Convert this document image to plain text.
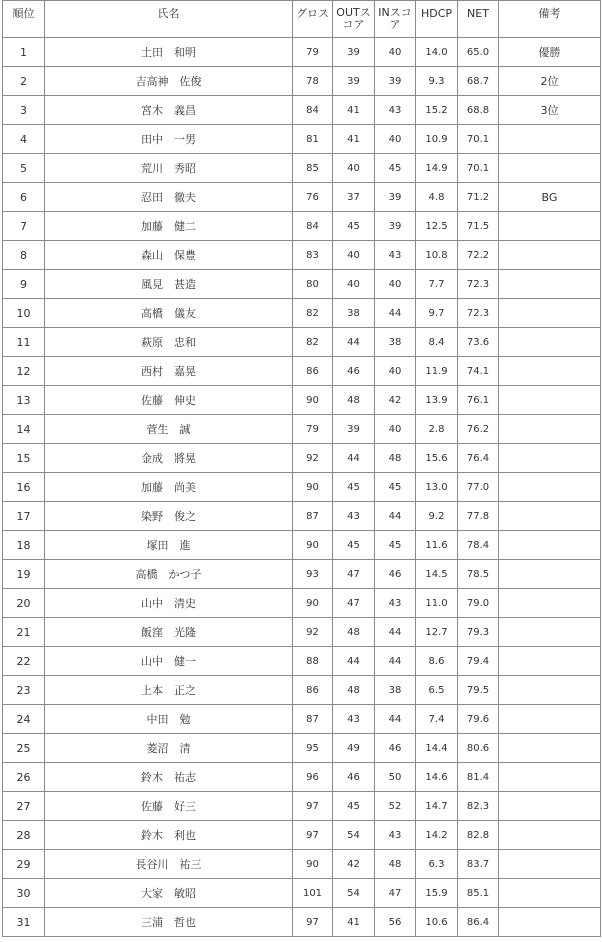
順位	氏名	グロス	OUTスコア	INスコア	HDCP	NET	備考
1	土田　和明	79	39	40	14.0	65.0	優勝
2	吉高神　佐俊	78	39	39	9.3	68.7	2位
3	宮木　義昌	84	41	43	15.2	68.8	3位
4	田中　一男	81	41	40	10.9	70.1	
5	荒川　秀昭	85	40	45	14.9	70.1	
6	忍田　徹夫	76	37	39	4.8	71.2	BG
7	加藤　健二	84	45	39	12.5	71.5	
8	森山　保豊	83	40	43	10.8	72.2	
9	風見　甚造	80	40	40	7.7	72.3	
10	高橋　儀友	82	38	44	9.7	72.3	
11	萩原　忠和	82	44	38	8.4	73.6	
12	西村　嘉晃	86	46	40	11.9	74.1	
13	佐藤　伸史	90	48	42	13.9	76.1	
14	菅生　誠	79	39	40	2.8	76.2	
15	金成　將晃	92	44	48	15.6	76.4	
16	加藤　尚美	90	45	45	13.0	77.0	
17	染野　俊之	87	43	44	9.2	77.8	
18	塚田　進	90	45	45	11.6	78.4	
19	高橋　かつ子	93	47	46	14.5	78.5	
20	山中　清史	90	47	43	11.0	79.0	
21	飯窪　光隆	92	48	44	12.7	79.3	
22	山中　健一	88	44	44	8.6	79.4	
23	上本　正之	86	48	38	6.5	79.5	
24	中田　勉	87	43	44	7.4	79.6	
25	菱沼　清	95	49	46	14.4	80.6	
26	鈴木　祐志	96	46	50	14.6	81.4	
27	佐藤　好三	97	45	52	14.7	82.3	
28	鈴木　利也	97	54	43	14.2	82.8	
29	長谷川　祐三	90	42	48	6.3	83.7	
30	大家　敏昭	101	54	47	15.9	85.1	
31	三浦　哲也	97	41	56	10.6	86.4	
